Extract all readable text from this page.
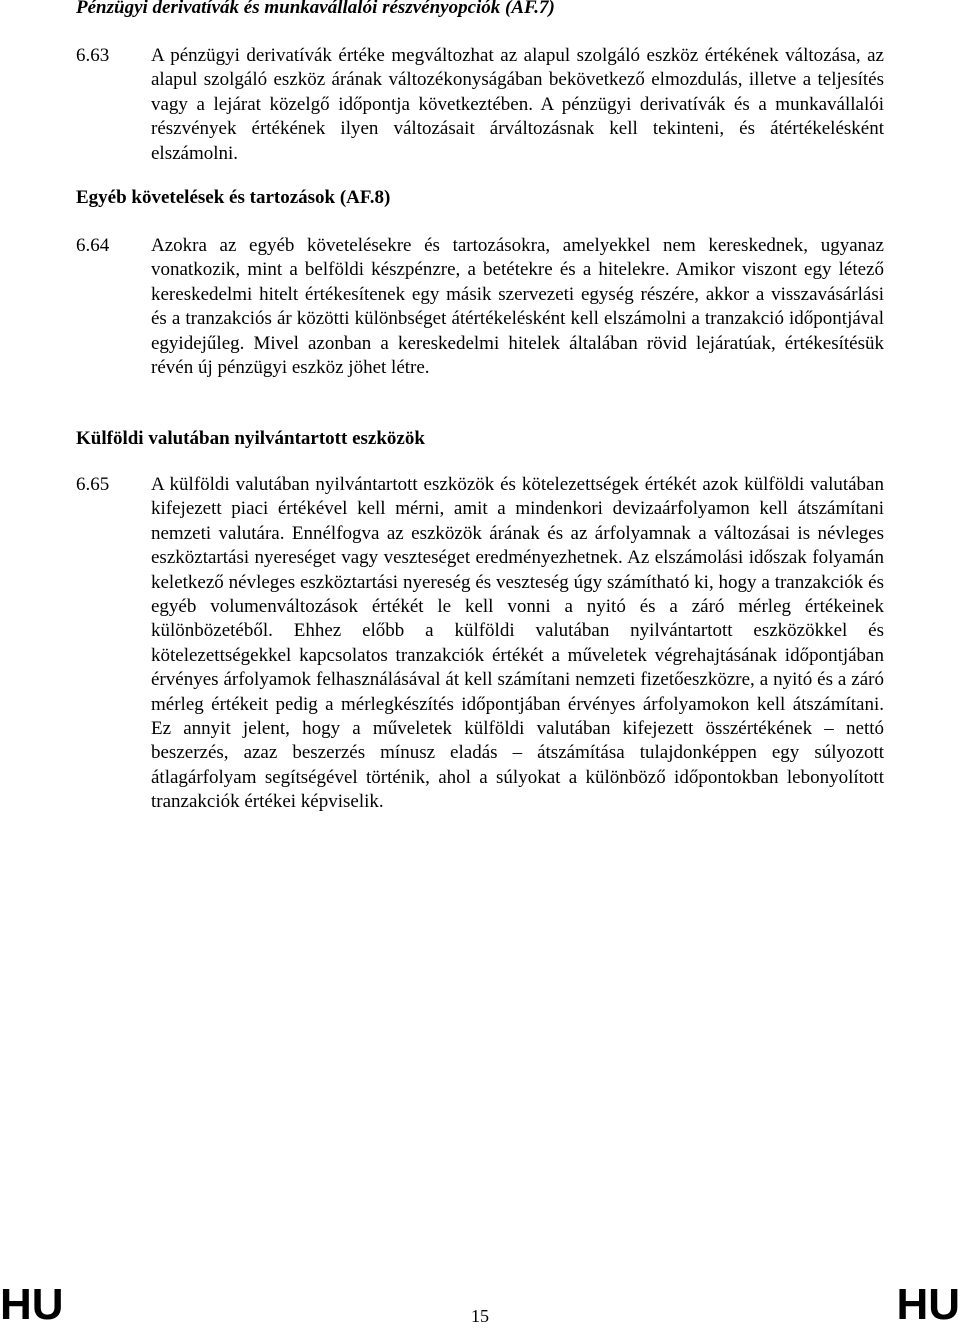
Pénzügyi derivatívák és munkavállalói részvényopciók (AF.7)
6.63 A pénzügyi derivatívák értéke megváltozhat az alapul szolgáló eszköz értékének változása, az alapul szolgáló eszköz árának változékonyságában bekövetkező elmozdulás, illetve a teljesítés vagy a lejárat közelgő időpontja következtében. A pénzügyi derivatívák és a munkavállalói részvények értékének ilyen változásait árváltozásnak kell tekinteni, és átértékelésként elszámolni.
Egyéb követelések és tartozások (AF.8)
6.64 Azokra az egyéb követelésekre és tartozásokra, amelyekkel nem kereskednek, ugyanaz vonatkozik, mint a belföldi készpénzre, a betétekre és a hitelekre. Amikor viszont egy létező kereskedelmi hitelt értékesítenek egy másik szervezeti egység részére, akkor a visszavásárlási és a tranzakciós ár közötti különbséget átértékelésként kell elszámolni a tranzakció időpontjával egyidejűleg. Mivel azonban a kereskedelmi hitelek általában rövid lejáratúak, értékesítésük révén új pénzügyi eszköz jöhet létre.
Külföldi valutában nyilvántartott eszközök
6.65 A külföldi valutában nyilvántartott eszközök és kötelezettségek értékét azok külföldi valutában kifejezett piaci értékével kell mérni, amit a mindenkori devizaárfolyamon kell átszámítani nemzeti valutára. Ennélfogva az eszközök árának és az árfolyamnak a változásai is névleges eszköztartási nyereséget vagy veszteséget eredményezhetnek. Az elszámolási időszak folyamán keletkező névleges eszköztartási nyereség és veszteség úgy számítható ki, hogy a tranzakciók és egyéb volumenváltozások értékét le kell vonni a nyitó és a záró mérleg értékeinek különbözetéből. Ehhez előbb a külföldi valutában nyilvántartott eszközökkel és kötelezettségekkel kapcsolatos tranzakciók értékét a műveletek végrehajtásának időpontjában érvényes árfolyamok felhasználásával át kell számítani nemzeti fizetőeszközre, a nyitó és a záró mérleg értékeit pedig a mérlegkészítés időpontjában érvényes árfolyamokon kell átszámítani. Ez annyit jelent, hogy a műveletek külföldi valutában kifejezett összértékének – nettó beszerzés, azaz beszerzés mínusz eladás – átszámítása tulajdonképpen egy súlyozott átlagárfolyam segítségével történik, ahol a súlyokat a különböző időpontokban lebonyolított tranzakciók értékei képviselik.
HU	15	HU
